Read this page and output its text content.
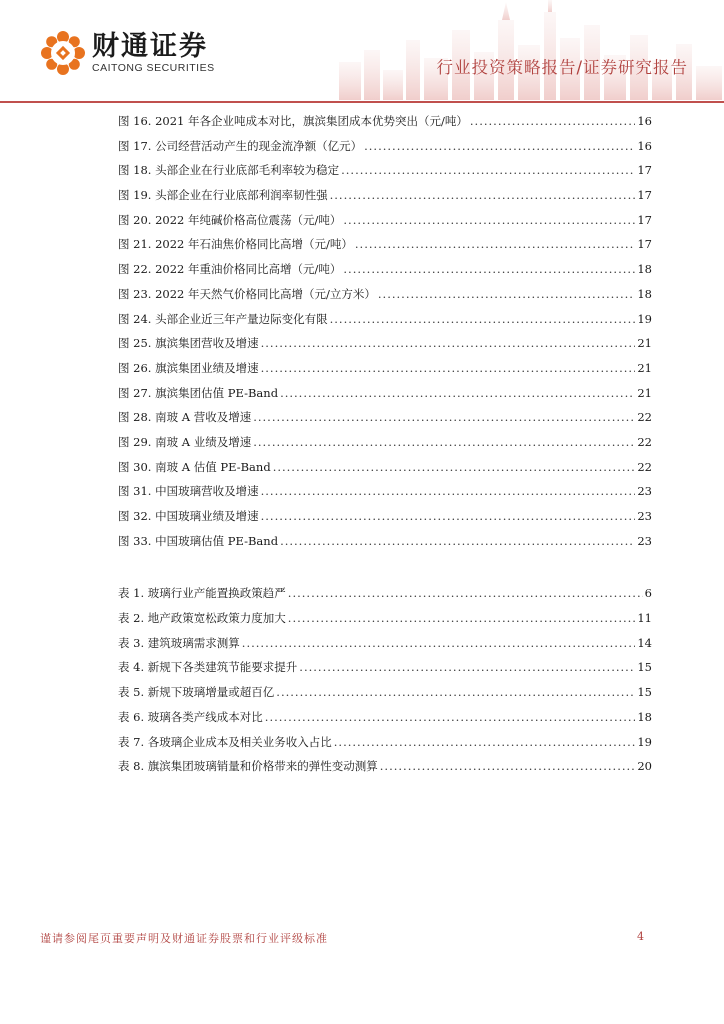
财通证券
CAITONG SECURITIES	行业投资策略报告/证券研究报告
图 16. 2021 年各企业吨成本对比，旗滨集团成本优势突出（元/吨） .....	16
图 17. 公司经营活动产生的现金流净额（亿元） .....	16
图 18. 头部企业在行业底部毛利率较为稳定 .....	17
图 19. 头部企业在行业底部利润率韧性强 .....	17
图 20. 2022 年纯碱价格高位震荡（元/吨） .....	17
图 21. 2022 年石油焦价格同比高增（元/吨） .....	17
图 22. 2022 年重油价格同比高增（元/吨） .....	18
图 23. 2022 年天然气价格同比高增（元/立方米） .....	18
图 24. 头部企业近三年产量边际变化有限 .....	19
图 25. 旗滨集团营收及增速 .....	21
图 26. 旗滨集团业绩及增速 .....	21
图 27. 旗滨集团估值 PE-Band .....	21
图 28. 南玻 A 营收及增速 .....	22
图 29. 南玻 A 业绩及增速 .....	22
图 30. 南玻 A 估值 PE-Band .....	22
图 31. 中国玻璃营收及增速 .....	23
图 32. 中国玻璃业绩及增速 .....	23
图 33. 中国玻璃估值 PE-Band .....	23
表 1. 玻璃行业产能置换政策趋严 .....	6
表 2. 地产政策宽松政策力度加大 .....	11
表 3. 建筑玻璃需求测算 .....	14
表 4. 新规下各类建筑节能要求提升 .....	15
表 5. 新规下玻璃增量或超百亿 .....	15
表 6. 玻璃各类产线成本对比 .....	18
表 7. 各玻璃企业成本及相关业务收入占比 .....	19
表 8. 旗滨集团玻璃销量和价格带来的弹性变动测算 .....	20
谨请参阅尾页重要声明及财通证券股票和行业评级标准	4
